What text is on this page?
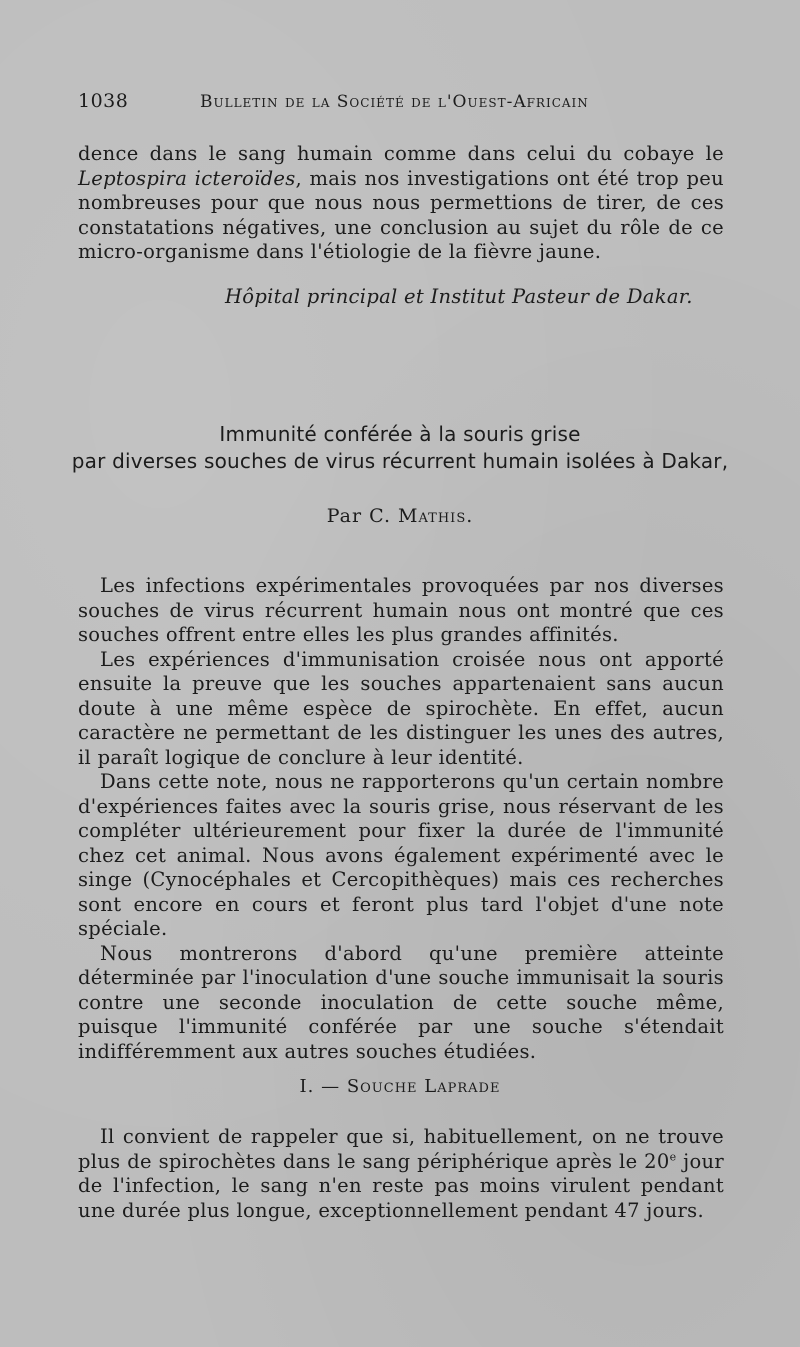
1038	Bulletin de la Société de l'Ouest-Africain

dence dans le sang humain comme dans celui du cobaye le Leptospira icteroïdes, mais nos investigations ont été trop peu nombreuses pour que nous nous permettions de tirer, de ces constatations négatives, une conclusion au sujet du rôle de ce micro-organisme dans l'étiologie de la fièvre jaune.

Hôpital principal et Institut Pasteur de Dakar.
Immunité conférée à la souris grise
par diverses souches de virus récurrent humain isolées à Dakar,
Par C. Mathis.

Les infections expérimentales provoquées par nos diverses souches de virus récurrent humain nous ont montré que ces souches offrent entre elles les plus grandes affinités.

Les expériences d'immunisation croisée nous ont apporté ensuite la preuve que les souches appartenaient sans aucun doute à une même espèce de spirochète. En effet, aucun caractère ne permettant de les distinguer les unes des autres, il paraît logique de conclure à leur identité.

Dans cette note, nous ne rapporterons qu'un certain nombre d'expériences faites avec la souris grise, nous réservant de les compléter ultérieurement pour fixer la durée de l'immunité chez cet animal. Nous avons également expérimenté avec le singe (Cynocéphales et Cercopithèques) mais ces recherches sont encore en cours et feront plus tard l'objet d'une note spéciale.

Nous montrerons d'abord qu'une première atteinte déterminée par l'inoculation d'une souche immunisait la souris contre une seconde inoculation de cette souche même, puisque l'immunité conférée par une souche s'étendait indifféremment aux autres souches étudiées.

I. — Souche Laprade

Il convient de rappeler que si, habituellement, on ne trouve plus de spirochètes dans le sang périphérique après le 20e jour de l'infection, le sang n'en reste pas moins virulent pendant une durée plus longue, exceptionnellement pendant 47 jours.
